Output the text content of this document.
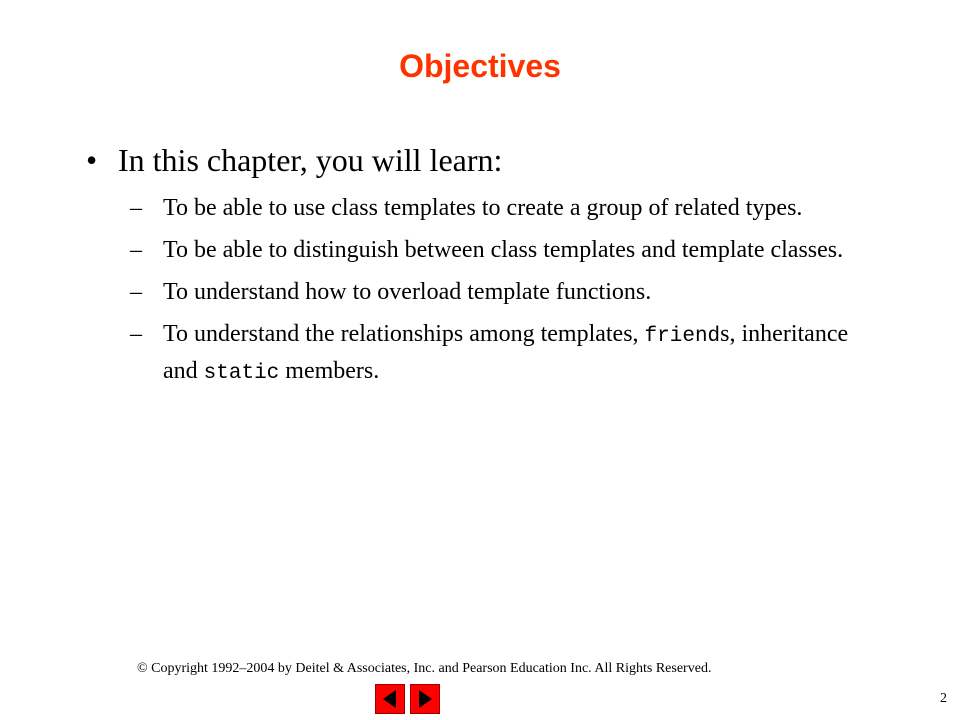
Objectives
• In this chapter, you will learn:
– To be able to use class templates to create a group of related types.
– To be able to distinguish between class templates and template classes.
– To understand how to overload template functions.
– To understand the relationships among templates, friends, inheritance and static members.
© Copyright 1992–2004 by Deitel & Associates, Inc. and Pearson Education Inc. All Rights Reserved.
2
